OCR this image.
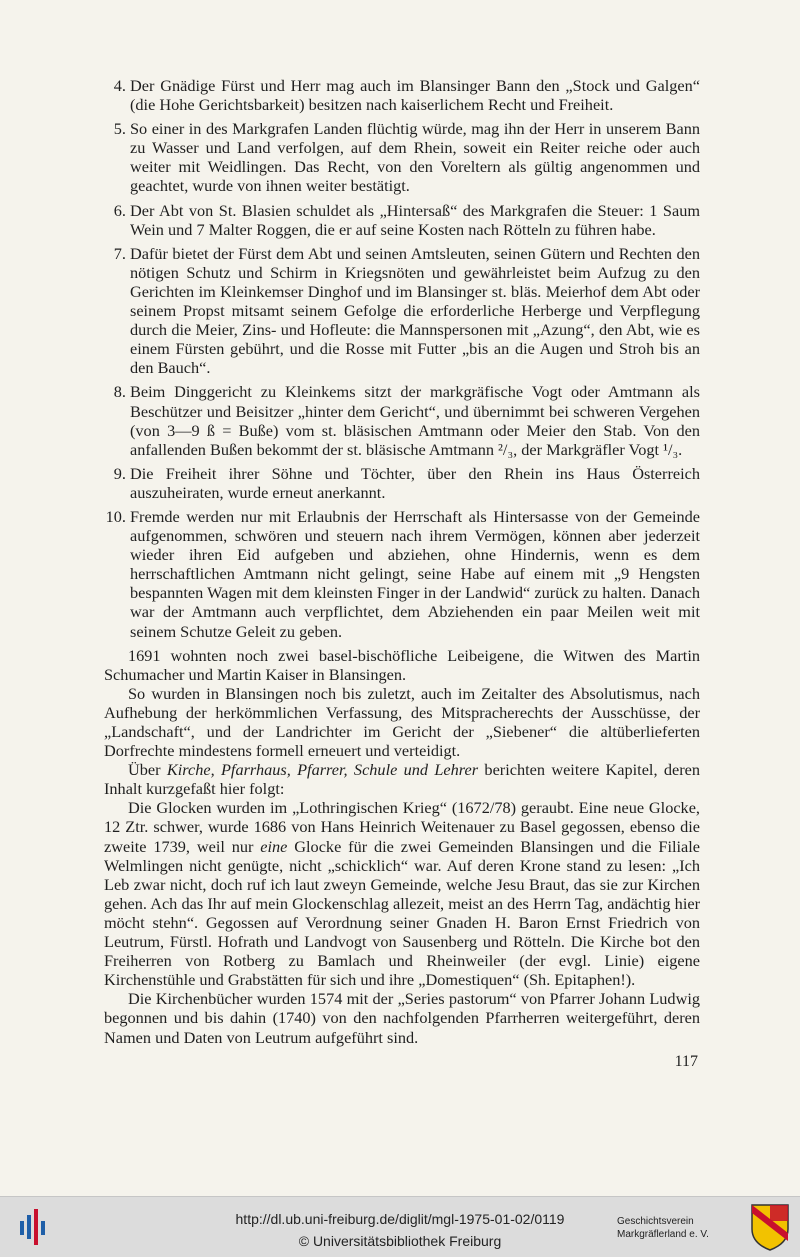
4. Der Gnädige Fürst und Herr mag auch im Blansinger Bann den „Stock und Galgen“ (die Hohe Gerichtsbarkeit) besitzen nach kaiserlichem Recht und Freiheit.
5. So einer in des Markgrafen Landen flüchtig würde, mag ihn der Herr in unserem Bann zu Wasser und Land verfolgen, auf dem Rhein, soweit ein Reiter reiche oder auch weiter mit Weidlingen. Das Recht, von den Voreltern als gültig angenommen und geachtet, wurde von ihnen weiter bestätigt.
6. Der Abt von St. Blasien schuldet als „Hintersaß“ des Markgrafen die Steuer: 1 Saum Wein und 7 Malter Roggen, die er auf seine Kosten nach Rötteln zu führen habe.
7. Dafür bietet der Fürst dem Abt und seinen Amtsleuten, seinen Gütern und Rechten den nötigen Schutz und Schirm in Kriegsnöten und gewährleistet beim Aufzug zu den Gerichten im Kleinkemser Dinghof und im Blansinger st. bläs. Meierhof dem Abt oder seinem Propst mitsamt seinem Gefolge die erforderliche Herberge und Verpflegung durch die Meier, Zins- und Hofleute: die Mannspersonen mit „Azung“, den Abt, wie es einem Fürsten gebührt, und die Rosse mit Futter „bis an die Augen und Stroh bis an den Bauch“.
8. Beim Dinggericht zu Kleinkems sitzt der markgräfische Vogt oder Amtmann als Beschützer und Beisitzer „hinter dem Gericht“, und übernimmt bei schweren Vergehen (von 3—9 ß = Buße) vom st. bläsischen Amtmann oder Meier den Stab. Von den anfallenden Bußen bekommt der st. bläsische Amtmann ²/₃, der Markgräfler Vogt ¹/₃.
9. Die Freiheit ihrer Söhne und Töchter, über den Rhein ins Haus Österreich auszuheiraten, wurde erneut anerkannt.
10. Fremde werden nur mit Erlaubnis der Herrschaft als Hintersasse von der Gemeinde aufgenommen, schwören und steuern nach ihrem Vermögen, können aber jederzeit wieder ihren Eid aufgeben und abziehen, ohne Hindernis, wenn es dem herrschaftlichen Amtmann nicht gelingt, seine Habe auf einem mit „9 Hengsten bespannten Wagen mit dem kleinsten Finger in der Landwid“ zurück zu halten. Danach war der Amtmann auch verpflichtet, dem Abziehenden ein paar Meilen weit mit seinem Schutze Geleit zu geben.

1691 wohnten noch zwei basel-bischöfliche Leibeigene, die Witwen des Martin Schumacher und Martin Kaiser in Blansingen.

So wurden in Blansingen noch bis zuletzt, auch im Zeitalter des Absolutismus, nach Aufhebung der herkömmlichen Verfassung, des Mitspracherechts der Ausschüsse, der „Landschaft“, und der Landrichter im Gericht der „Siebener“ die altüberlieferten Dorfrechte mindestens formell erneuert und verteidigt.

Über Kirche, Pfarrhaus, Pfarrer, Schule und Lehrer berichten weitere Kapitel, deren Inhalt kurzgefaßt hier folgt:

Die Glocken wurden im „Lothringischen Krieg“ (1672/78) geraubt. Eine neue Glocke, 12 Ztr. schwer, wurde 1686 von Hans Heinrich Weitenauer zu Basel gegossen, ebenso die zweite 1739, weil nur eine Glocke für die zwei Gemeinden Blansingen und die Filiale Welmlingen nicht genügte, nicht „schicklich“ war. Auf deren Krone stand zu lesen: „Ich Leb zwar nicht, doch ruf ich laut zweyn Gemeinde, welche Jesu Braut, das sie zur Kirchen gehen. Ach das Ihr auf mein Glockenschlag allezeit, meist an des Herrn Tag, andächtig hier möcht stehn“. Gegossen auf Verordnung seiner Gnaden H. Baron Ernst Friedrich von Leutrum, Fürstl. Hofrath und Landvogt von Sausenberg und Rötteln. Die Kirche bot den Freiherren von Rotberg zu Bamlach und Rheinweiler (der evgl. Linie) eigene Kirchenstühle und Grabstätten für sich und ihre „Domestiquen“ (Sh. Epitaphen!).

Die Kirchenbücher wurden 1574 mit der „Series pastorum“ von Pfarrer Johann Ludwig begonnen und bis dahin (1740) von den nachfolgenden Pfarrherren weitergeführt, deren Namen und Daten von Leutrum aufgeführt sind.

117
http://dl.ub.uni-freiburg.de/diglit/mgl-1975-01-02/0119
© Universitätsbibliothek Freiburg
Geschichtsverein
Markgräflerland e. V.
